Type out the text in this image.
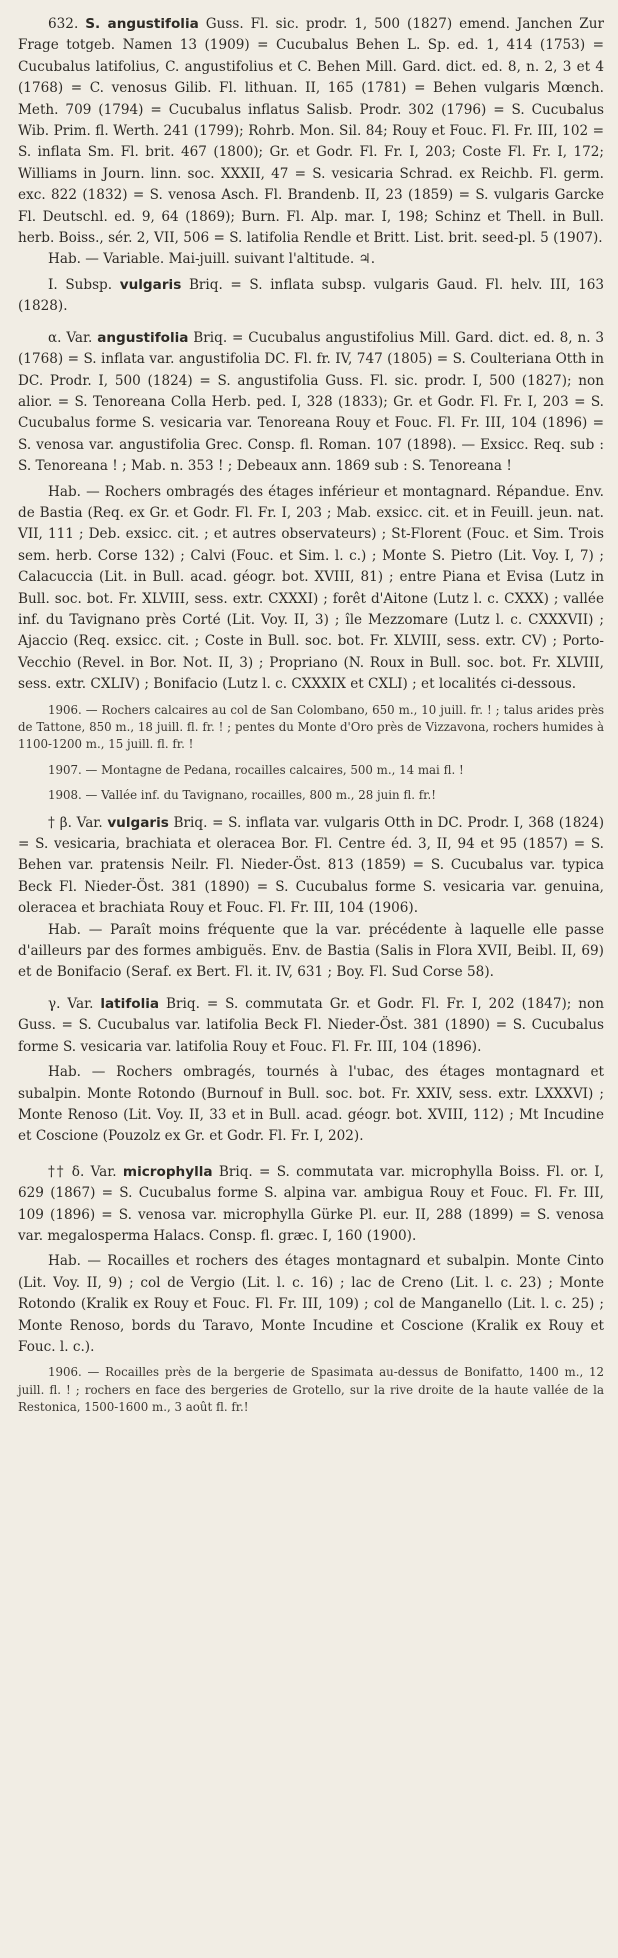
632. S. angustifolia Guss. Fl. sic. prodr. 1, 500 (1827) emend. Janchen Zur Frage totgeb. Namen 13 (1909) = Cucubalus Behen L. Sp. ed. 1, 414 (1753) = Cucubalus latifolius, C. angustifolius et C. Behen Mill. Gard. dict. ed. 8, n. 2, 3 et 4 (1768) = C. venosus Gilib. Fl. lithuan. II, 165 (1781) = Behen vulgaris Mœnch. Meth. 709 (1794) = Cucubalus inflatus Salisb. Prodr. 302 (1796) = S. Cucubalus Wib. Prim. fl. Werth. 241 (1799); Rohrb. Mon. Sil. 84; Rouy et Fouc. Fl. Fr. III, 102 = S. inflata Sm. Fl. brit. 467 (1800); Gr. et Godr. Fl. Fr. I, 203; Coste Fl. Fr. I, 172; Williams in Journ. linn. soc. XXXII, 47 = S. vesicaria Schrad. ex Reichb. Fl. germ. exc. 822 (1832) = S. venosa Asch. Fl. Brandenb. II, 23 (1859) = S. vulgaris Garcke Fl. Deutschl. ed. 9, 64 (1869); Burn. Fl. Alp. mar. I, 198; Schinz et Thell. in Bull. herb. Boiss., sér. 2, VII, 506 = S. latifolia Rendle et Britt. List. brit. seed-pl. 5 (1907).

Hab. — Variable. Mai-juill. suivant l'altitude. ♃.

I. Subsp. vulgaris Briq. = S. inflata subsp. vulgaris Gaud. Fl. helv. III, 163 (1828).

α. Var. angustifolia Briq. = Cucubalus angustifolius Mill. Gard. dict. ed. 8, n. 3 (1768) = S. inflata var. angustifolia DC. Fl. fr. IV, 747 (1805) = S. Coulteriana Otth in DC. Prodr. I, 500 (1824) = S. angustifolia Guss. Fl. sic. prodr. I, 500 (1827); non alior. = S. Tenoreana Colla Herb. ped. I, 328 (1833); Gr. et Godr. Fl. Fr. I, 203 = S. Cucubalus forme S. vesicaria var. Tenoreana Rouy et Fouc. Fl. Fr. III, 104 (1896) = S. venosa var. angustifolia Grec. Consp. fl. Roman. 107 (1898). — Exsicc. Req. sub : S. Tenoreana ! ; Mab. n. 353 ! ; Debeaux ann. 1869 sub : S. Tenoreana !

Hab. — Rochers ombragés des étages inférieur et montagnard. Répandue. Env. de Bastia (Req. ex Gr. et Godr. Fl. Fr. I, 203 ; Mab. exsicc. cit. et in Feuill. jeun. nat. VII, 111 ; Deb. exsicc. cit. ; et autres observateurs) ; St-Florent (Fouc. et Sim. Trois sem. herb. Corse 132) ; Calvi (Fouc. et Sim. l. c.) ; Monte S. Pietro (Lit. Voy. I, 7) ; Calacuccia (Lit. in Bull. acad. géogr. bot. XVIII, 81) ; entre Piana et Evisa (Lutz in Bull. soc. bot. Fr. XLVIII, sess. extr. CXXXI) ; forêt d'Aitone (Lutz l. c. CXXX) ; vallée inf. du Tavignano près Corté (Lit. Voy. II, 3) ; île Mezzomare (Lutz l. c. CXXXVII) ; Ajaccio (Req. exsicc. cit. ; Coste in Bull. soc. bot. Fr. XLVIII, sess. extr. CV) ; Porto-Vecchio (Revel. in Bor. Not. II, 3) ; Propriano (N. Roux in Bull. soc. bot. Fr. XLVIII, sess. extr. CXLIV) ; Bonifacio (Lutz l. c. CXXXIX et CXLI) ; et localités ci-dessous.

1906. — Rochers calcaires au col de San Colombano, 650 m., 10 juill. fr. ! ; talus arides près de Tattone, 850 m., 18 juill. fl. fr. ! ; pentes du Monte d'Oro près de Vizzavona, rochers humides à 1100-1200 m., 15 juill. fl. fr. !

1907. — Montagne de Pedana, rocailles calcaires, 500 m., 14 mai fl. !

1908. — Vallée inf. du Tavignano, rocailles, 800 m., 28 juin fl. fr.!

† β. Var. vulgaris Briq. = S. inflata var. vulgaris Otth in DC. Prodr. I, 368 (1824) = S. vesicaria, brachiata et oleracea Bor. Fl. Centre éd. 3, II, 94 et 95 (1857) = S. Behen var. pratensis Neilr. Fl. Nieder-Öst. 813 (1859) = S. Cucubalus var. typica Beck Fl. Nieder-Öst. 381 (1890) = S. Cucubalus forme S. vesicaria var. genuina, oleracea et brachiata Rouy et Fouc. Fl. Fr. III, 104 (1906).

Hab. — Paraît moins fréquente que la var. précédente à laquelle elle passe d'ailleurs par des formes ambiguës. Env. de Bastia (Salis in Flora XVII, Beibl. II, 69) et de Bonifacio (Seraf. ex Bert. Fl. it. IV, 631 ; Boy. Fl. Sud Corse 58).

γ. Var. latifolia Briq. = S. commutata Gr. et Godr. Fl. Fr. I, 202 (1847); non Guss. = S. Cucubalus var. latifolia Beck Fl. Nieder-Öst. 381 (1890) = S. Cucubalus forme S. vesicaria var. latifolia Rouy et Fouc. Fl. Fr. III, 104 (1896).

Hab. — Rochers ombragés, tournés à l'ubac, des étages montagnard et subalpin. Monte Rotondo (Burnouf in Bull. soc. bot. Fr. XXIV, sess. extr. LXXXVI) ; Monte Renoso (Lit. Voy. II, 33 et in Bull. acad. géogr. bot. XVIII, 112) ; Mt Incudine et Coscione (Pouzolz ex Gr. et Godr. Fl. Fr. I, 202).

†† δ. Var. microphylla Briq. = S. commutata var. microphylla Boiss. Fl. or. I, 629 (1867) = S. Cucubalus forme S. alpina var. ambigua Rouy et Fouc. Fl. Fr. III, 109 (1896) = S. venosa var. microphylla Gürke Pl. eur. II, 288 (1899) = S. venosa var. megalosperma Halacs. Consp. fl. græc. I, 160 (1900).

Hab. — Rocailles et rochers des étages montagnard et subalpin. Monte Cinto (Lit. Voy. II, 9) ; col de Vergio (Lit. l. c. 16) ; lac de Creno (Lit. l. c. 23) ; Monte Rotondo (Kralik ex Rouy et Fouc. Fl. Fr. III, 109) ; col de Manganello (Lit. l. c. 25) ; Monte Renoso, bords du Taravo, Monte Incudine et Coscione (Kralik ex Rouy et Fouc. l. c.).

1906. — Rocailles près de la bergerie de Spasimata au-dessus de Bonifatto, 1400 m., 12 juill. fl. ! ; rochers en face des bergeries de Grotello, sur la rive droite de la haute vallée de la Restonica, 1500-1600 m., 3 août fl. fr.!
